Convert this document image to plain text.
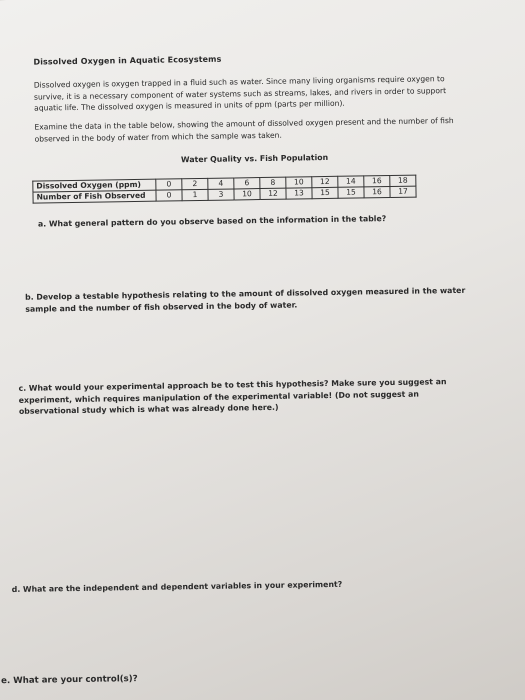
Dissolved Oxygen in Aquatic Ecosystems
Dissolved oxygen is oxygen trapped in a fluid such as water. Since many living organisms require oxygen to survive, it is a necessary component of water systems such as streams, lakes, and rivers in order to support aquatic life. The dissolved oxygen is measured in units of ppm (parts per million).
Examine the data in the table below, showing the amount of dissolved oxygen present and the number of fish observed in the body of water from which the sample was taken.
Water Quality vs. Fish Population
Dissolved Oxygen (ppm)	0	2	4	6	8	10	12	14	16	18
Number of Fish Observed	0	1	3	10	12	13	15	15	16	17
a. What general pattern do you observe based on the information in the table?
b. Develop a testable hypothesis relating to the amount of dissolved oxygen measured in the water sample and the number of fish observed in the body of water.
c. What would your experimental approach be to test this hypothesis? Make sure you suggest an experiment, which requires manipulation of the experimental variable! (Do not suggest an observational study which is what was already done here.)
d. What are the independent and dependent variables in your experiment?
e. What are your control(s)?
